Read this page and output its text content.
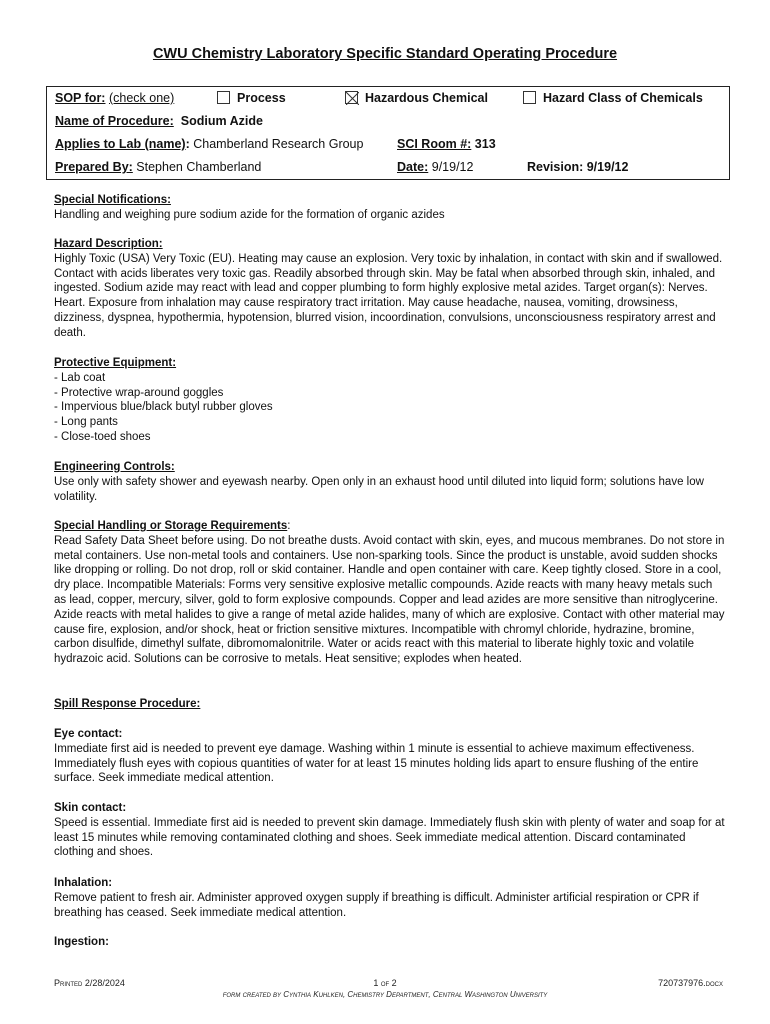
CWU Chemistry Laboratory Specific Standard Operating Procedure
SOP for: (check one)	Process	Hazardous Chemical	Hazard Class of Chemicals
Name of Procedure: Sodium Azide
Applies to Lab (name): Chamberland Research Group	SCI Room #: 313
Prepared By: Stephen Chamberland	Date: 9/19/12	Revision: 9/19/12
Special Notifications:

Handling and weighing pure sodium azide for the formation of organic azides

Hazard Description:

Highly Toxic (USA) Very Toxic (EU). Heating may cause an explosion. Very toxic by inhalation, in contact with skin and if swallowed. Contact with acids liberates very toxic gas. Readily absorbed through skin. May be fatal when absorbed through skin, inhaled, and ingested. Sodium azide may react with lead and copper plumbing to form highly explosive metal azides. Target organ(s): Nerves. Heart. Exposure from inhalation may cause respiratory tract irritation. May cause headache, nausea, vomiting, drowsiness, dizziness, dyspnea, hypothermia, hypotension, blurred vision, incoordination, convulsions, unconsciousness respiratory arrest and death.

Protective Equipment:
- Lab coat
- Protective wrap-around goggles
- Impervious blue/black butyl rubber gloves
- Long pants
- Close-toed shoes
Engineering Controls:

Use only with safety shower and eyewash nearby. Open only in an exhaust hood until diluted into liquid form; solutions have low volatility.

Special Handling or Storage Requirements:

Read Safety Data Sheet before using. Do not breathe dusts. Avoid contact with skin, eyes, and mucous membranes. Do not store in metal containers. Use non-metal tools and containers. Use non-sparking tools. Since the product is unstable, avoid sudden shocks like dropping or rolling. Do not drop, roll or skid container. Handle and open container with care. Keep tightly closed. Store in a cool, dry place. Incompatible Materials: Forms very sensitive explosive metallic compounds. Azide reacts with many heavy metals such as lead, copper, mercury, silver, gold to form explosive compounds. Copper and lead azides are more sensitive than nitroglycerine. Azide reacts with metal halides to give a range of metal azide halides, many of which are explosive. Contact with other material may cause fire, explosion, and/or shock, heat or friction sensitive mixtures. Incompatible with chromyl chloride, hydrazine, bromine, carbon disulfide, dimethyl sulfate, dibromomalonitrile. Water or acids react with this material to liberate highly toxic and volatile hydrazoic acid. Solutions can be corrosive to metals. Heat sensitive; explodes when heated.

Spill Response Procedure:
Eye contact:

Immediate first aid is needed to prevent eye damage. Washing within 1 minute is essential to achieve maximum effectiveness. Immediately flush eyes with copious quantities of water for at least 15 minutes holding lids apart to ensure flushing of the entire surface. Seek immediate medical attention.

Skin contact:

Speed is essential. Immediate first aid is needed to prevent skin damage. Immediately flush skin with plenty of water and soap for at least 15 minutes while removing contaminated clothing and shoes. Seek immediate medical attention. Discard contaminated clothing and shoes.

Inhalation:

Remove patient to fresh air. Administer approved oxygen supply if breathing is difficult. Administer artificial respiration or CPR if breathing has ceased. Seek immediate medical attention.

Ingestion:
Printed 2/28/2024	1 of 2	720737976.docx
form created by Cynthia Kuhlken, Chemistry Department, Central Washington University
